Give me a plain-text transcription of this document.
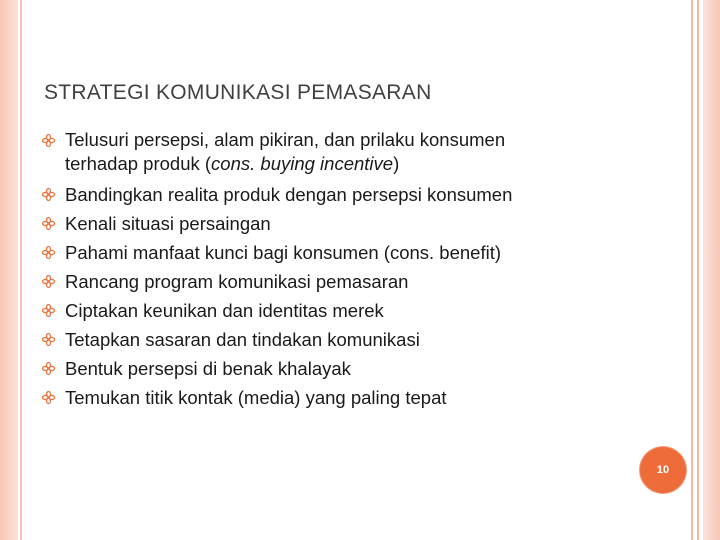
STRATEGI KOMUNIKASI PEMASARAN
Telusuri persepsi, alam pikiran, dan prilaku konsumen
terhadap produk (cons. buying incentive)
Bandingkan realita produk dengan persepsi konsumen
Kenali situasi persaingan
Pahami manfaat kunci bagi konsumen (cons. benefit)
Rancang program komunikasi pemasaran
Ciptakan keunikan dan identitas merek
Tetapkan sasaran dan tindakan komunikasi
Bentuk persepsi di benak khalayak
Temukan titik kontak (media) yang paling tepat
10
